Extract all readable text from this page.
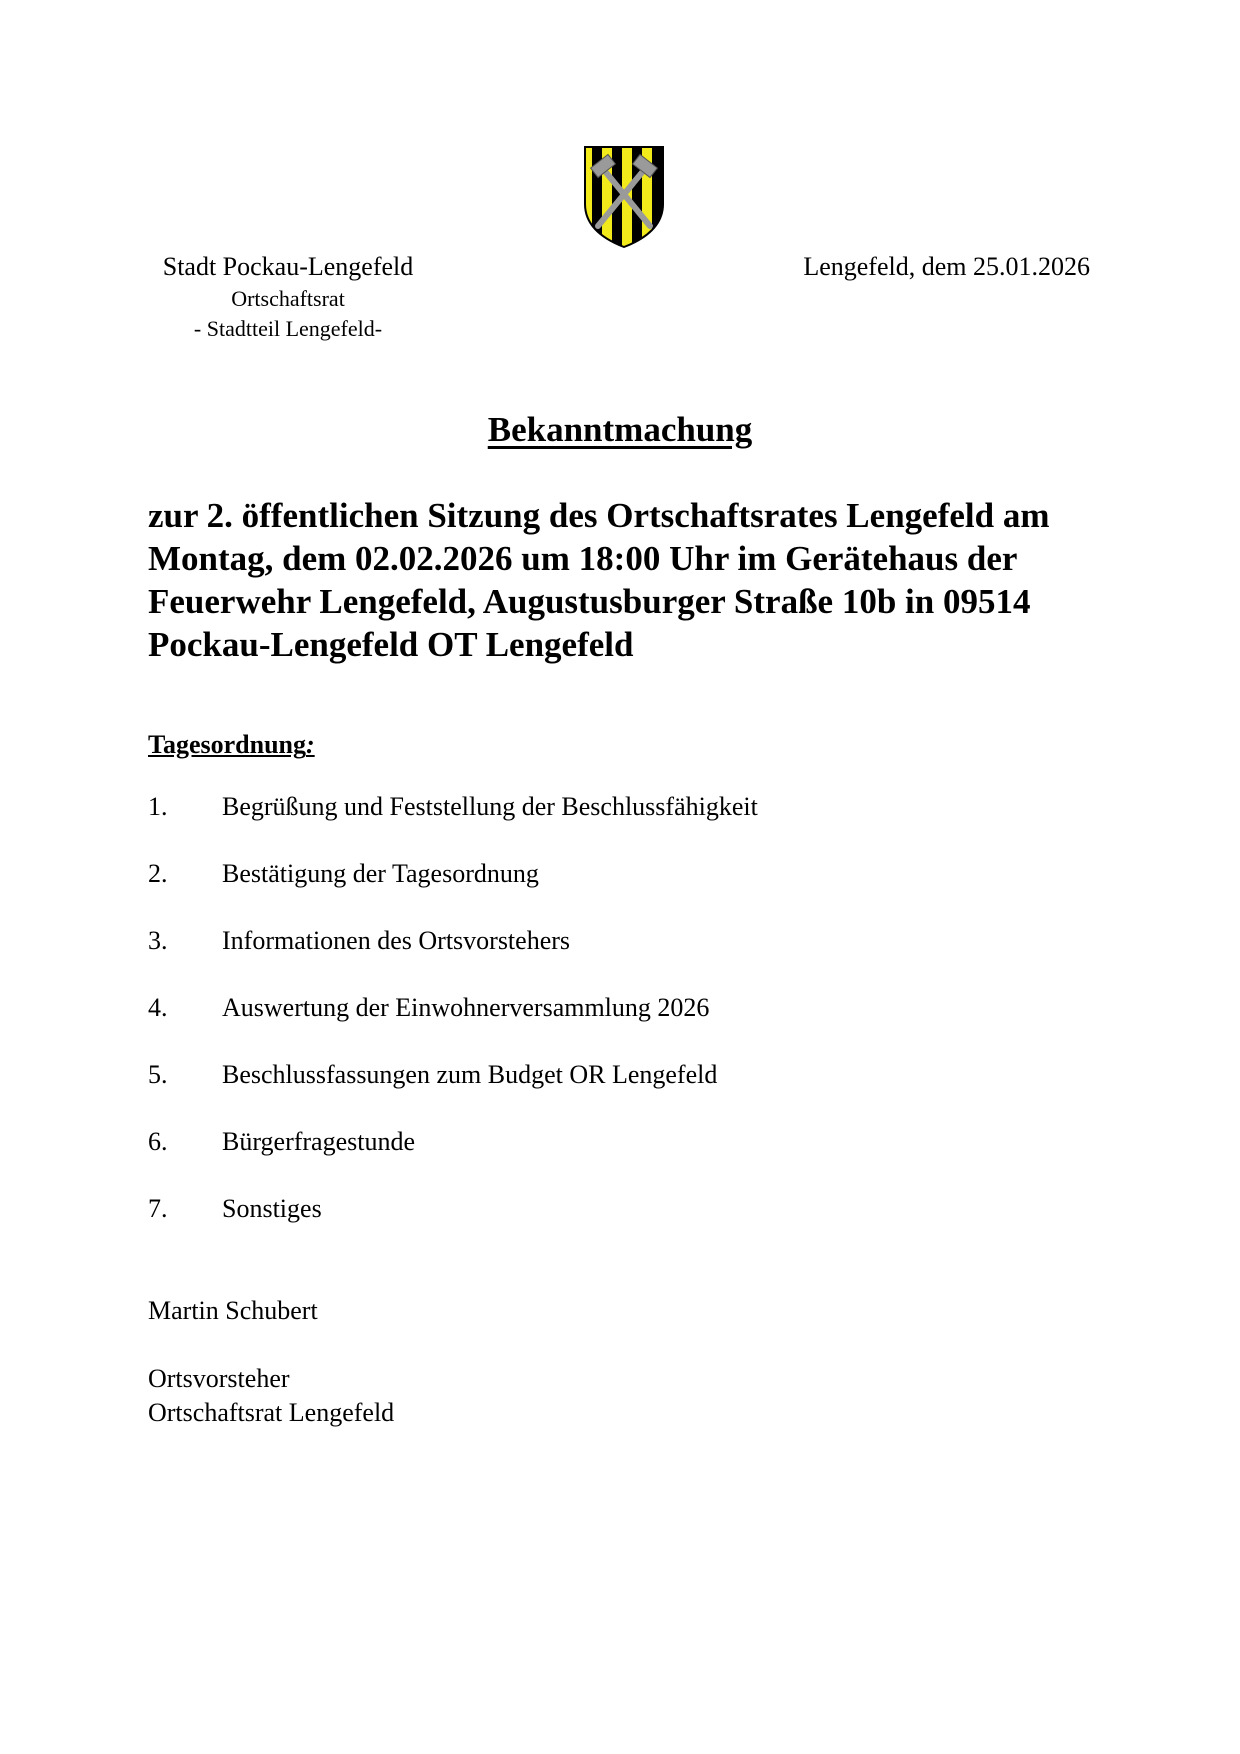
Stadt Pockau-Lengefeld
Ortschaftsrat
- Stadtteil Lengefeld-
Lengefeld, dem 25.01.2026
Bekanntmachung

zur 2. öffentlichen Sitzung des Ortschaftsrates Lengefeld am Montag, dem 02.02.2026 um 18:00 Uhr im Gerätehaus der Feuerwehr Lengefeld, Augustusburger Straße 10b in 09514 Pockau-Lengefeld OT Lengefeld

Tagesordnung:
1. Begrüßung und Feststellung der Beschlussfähigkeit
2. Bestätigung der Tagesordnung
3. Informationen des Ortsvorstehers
4. Auswertung der Einwohnerversammlung 2026
5. Beschlussfassungen zum Budget OR Lengefeld
6. Bürgerfragestunde
7. Sonstiges
Martin Schubert
Ortsvorsteher
Ortschaftsrat Lengefeld
